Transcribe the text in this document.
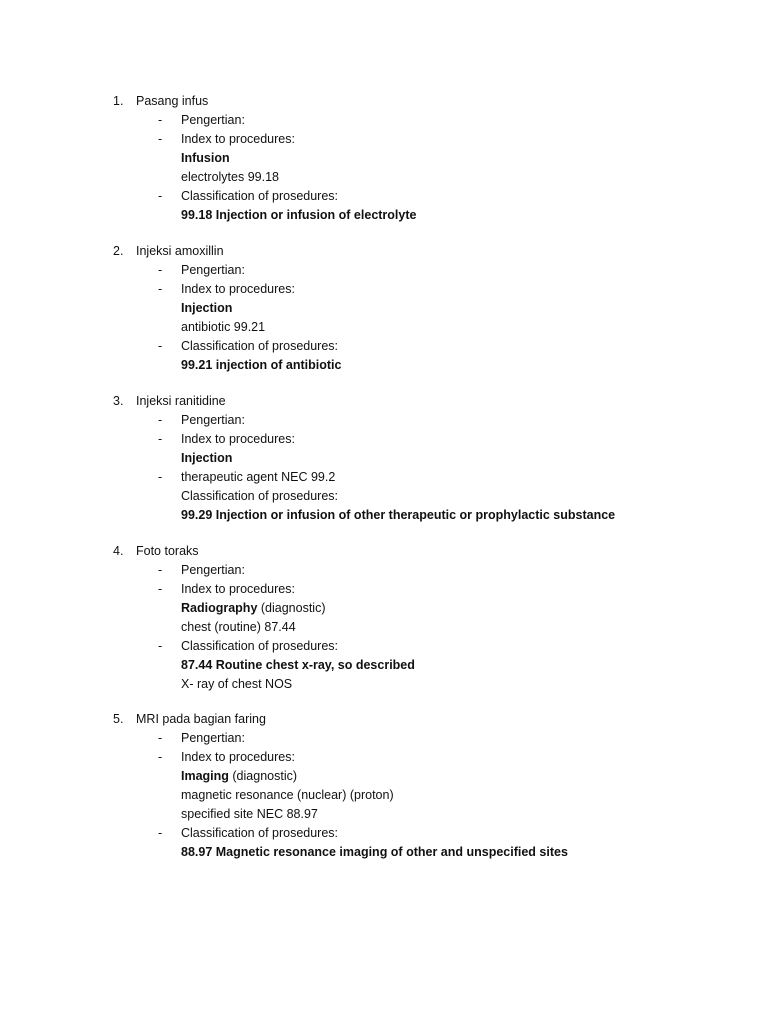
1. Pasang infus
- Pengertian:
- Index to procedures:
Infusion
electrolytes 99.18
- Classification of prosedures:
99.18 Injection or infusion of electrolyte
2. Injeksi amoxillin
- Pengertian:
- Index to procedures:
Injection
antibiotic 99.21
- Classification of prosedures:
99.21 injection of antibiotic
3. Injeksi ranitidine
- Pengertian:
- Index to procedures:
Injection
- therapeutic agent NEC 99.2
Classification of prosedures:
99.29 Injection or infusion of other therapeutic or prophylactic substance
4. Foto toraks
- Pengertian:
- Index to procedures:
Radiography (diagnostic)
chest (routine) 87.44
- Classification of prosedures:
87.44 Routine chest x-ray, so described
X- ray of chest NOS
5. MRI pada bagian faring
- Pengertian:
- Index to procedures:
Imaging (diagnostic)
magnetic resonance (nuclear) (proton)
specified site NEC 88.97
- Classification of prosedures:
88.97 Magnetic resonance imaging of other and unspecified sites
